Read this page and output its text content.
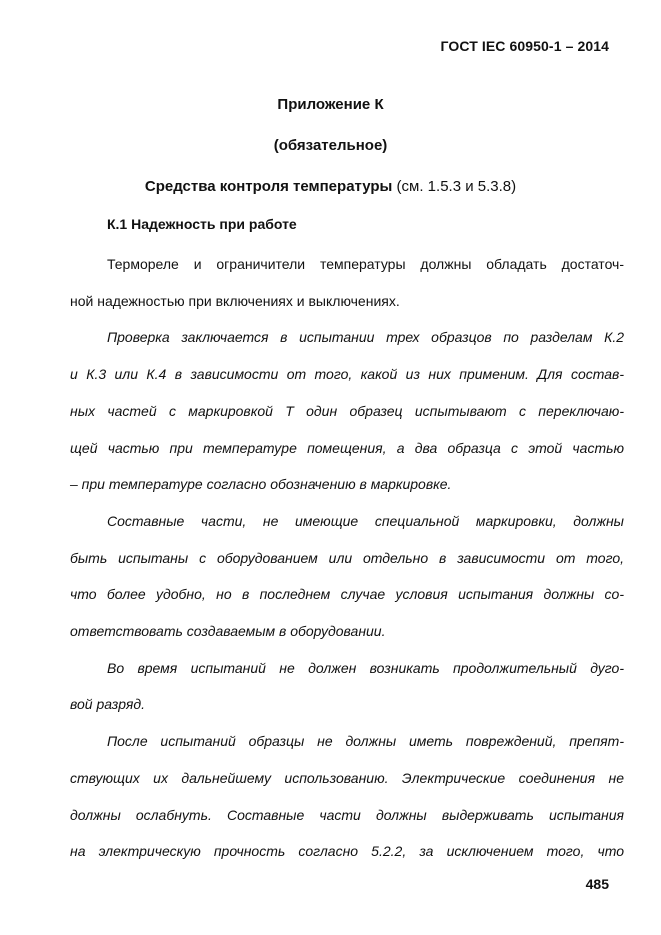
ГОСТ IEC 60950-1 – 2014
Приложение К
(обязательное)
Средства контроля температуры (см. 1.5.3 и 5.3.8)
К.1 Надежность при работе

Термореле и ограничители температуры должны обладать достаточ-
ной надежностью при включениях и выключениях.

Проверка заключается в испытании трех образцов по разделам К.2
и К.3 или К.4 в зависимости от того, какой из них применим. Для состав-
ных частей с маркировкой Т один образец испытывают с переключаю-
щей частью при температуре помещения, а два образца с этой частью
– при температуре согласно обозначению в маркировке.

Составные части, не имеющие специальной маркировки, должны
быть испытаны с оборудованием или отдельно в зависимости от того,
что более удобно, но в последнем случае условия испытания должны со-
ответствовать создаваемым в оборудовании.

Во время испытаний не должен возникать продолжительный дуго-
вой разряд.

После испытаний образцы не должны иметь повреждений, препят-
ствующих их дальнейшему использованию. Электрические соединения не
должны ослабнуть. Составные части должны выдерживать испытания
на электрическую прочность согласно 5.2.2, за исключением того, что

485
